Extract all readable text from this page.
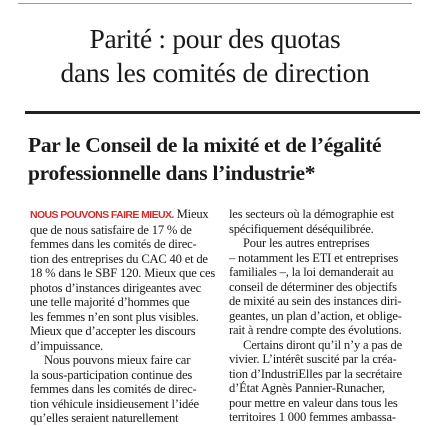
Parité : pour des quotas
dans les comités de direction
Par le Conseil de la mixité et de l’égalité
professionnelle dans l’industrie*
NOUS POUVONS FAIRE MIEUX. Mieux
que de nous satisfaire de 17 % de
femmes dans les comités de direc-
tion des entreprises du CAC 40 et de
18 % dans le SBF 120. Mieux que ces
photos d’instances dirigeantes avec
une telle majorité d’hommes que
les femmes n’en sont plus visibles.
Mieux que d’accepter les discours
d’impuissance.
Nous pouvons mieux faire car
la sous-participation continue des
femmes dans les comités de direc-
tion véhicule insidieusement l’idée
qu’elles seraient naturellement
les secteurs où la démographie est
spécifiquement déséquilibrée.
Pour les autres entreprises
– notamment les ETI et entreprises
familiales –, la loi demanderait au
conseil de déterminer des objectifs
de mixité au sein des instances diri-
geantes, un plan d’action, et oblige-
rait à rendre compte des évolutions.
Certains diront qu’il n’y a pas de
vivier. L’intérêt suscité par la créa-
tion d’IndustriElles par la secrétaire
d’État Agnès Pannier-Runacher,
pour mettre en valeur dans tous les
territoires 1 000 femmes ambassa-
